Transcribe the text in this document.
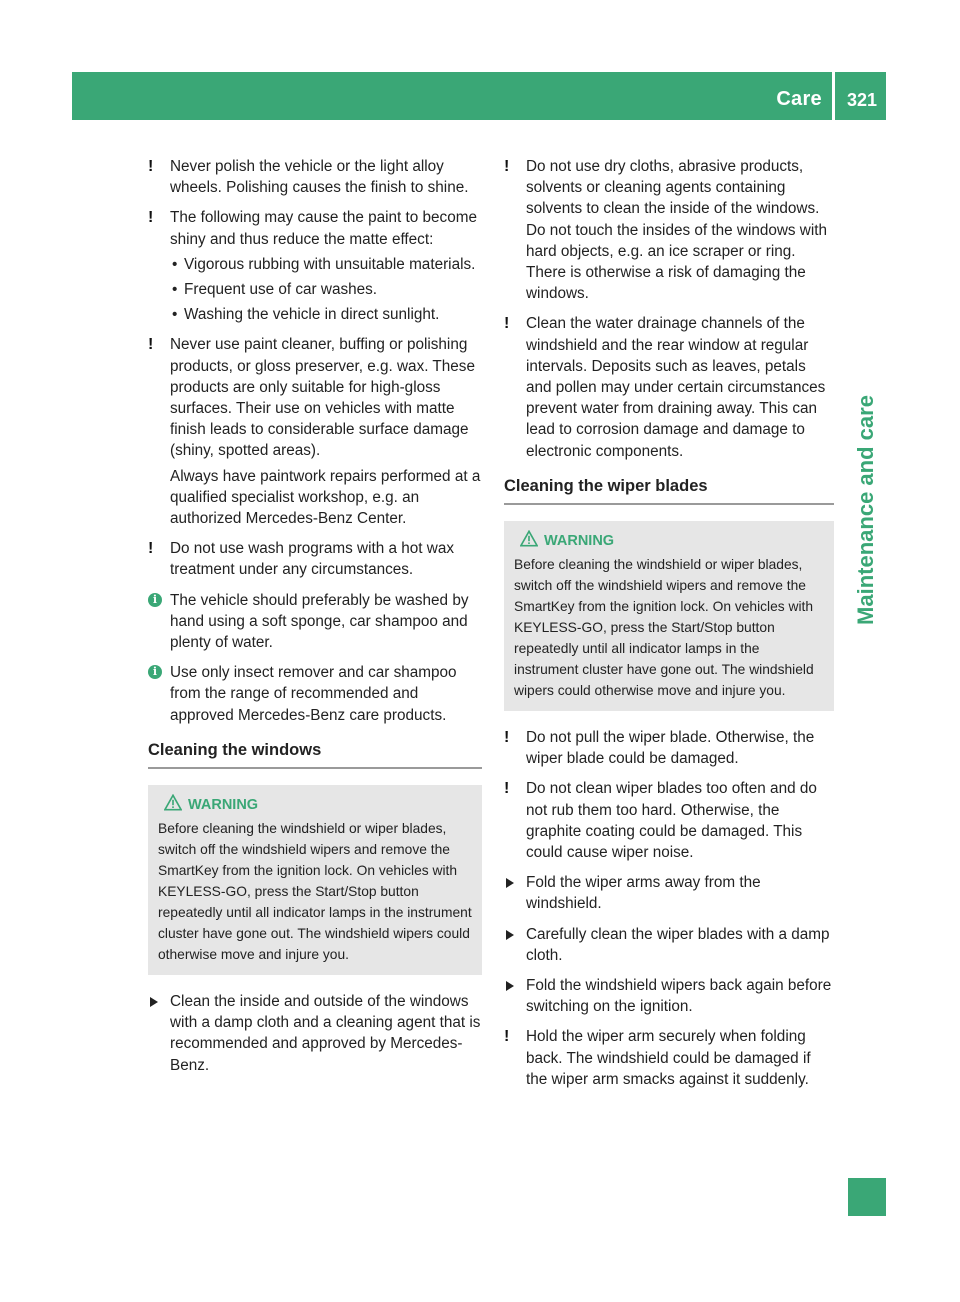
Care	321
Maintenance and care
! Never polish the vehicle or the light alloy wheels. Polishing causes the finish to shine.
! The following may cause the paint to become shiny and thus reduce the matte effect:
• Vigorous rubbing with unsuitable materials.
• Frequent use of car washes.
• Washing the vehicle in direct sunlight.
! Never use paint cleaner, buffing or polishing products, or gloss preserver, e.g. wax. These products are only suitable for high-gloss surfaces. Their use on vehicles with matte finish leads to considerable surface damage (shiny, spotted areas).
Always have paintwork repairs performed at a qualified specialist workshop, e.g. an authorized Mercedes-Benz Center.
! Do not use wash programs with a hot wax treatment under any circumstances.
i The vehicle should preferably be washed by hand using a soft sponge, car shampoo and plenty of water.
i Use only insect remover and car shampoo from the range of recommended and approved Mercedes-Benz care products.
Cleaning the windows
WARNING
Before cleaning the windshield or wiper blades, switch off the windshield wipers and remove the SmartKey from the ignition lock. On vehicles with KEYLESS-GO, press the Start/Stop button repeatedly until all indicator lamps in the instrument cluster have gone out. The windshield wipers could otherwise move and injure you.
Clean the inside and outside of the windows with a damp cloth and a cleaning agent that is recommended and approved by Mercedes-Benz.
! Do not use dry cloths, abrasive products, solvents or cleaning agents containing solvents to clean the inside of the windows. Do not touch the insides of the windows with hard objects, e.g. an ice scraper or ring. There is otherwise a risk of damaging the windows.
! Clean the water drainage channels of the windshield and the rear window at regular intervals. Deposits such as leaves, petals and pollen may under certain circumstances prevent water from draining away. This can lead to corrosion damage and damage to electronic components.
Cleaning the wiper blades
WARNING
Before cleaning the windshield or wiper blades, switch off the windshield wipers and remove the SmartKey from the ignition lock. On vehicles with KEYLESS-GO, press the Start/Stop button repeatedly until all indicator lamps in the instrument cluster have gone out. The windshield wipers could otherwise move and injure you.
! Do not pull the wiper blade. Otherwise, the wiper blade could be damaged.
! Do not clean wiper blades too often and do not rub them too hard. Otherwise, the graphite coating could be damaged. This could cause wiper noise.
Fold the wiper arms away from the windshield.
Carefully clean the wiper blades with a damp cloth.
Fold the windshield wipers back again before switching on the ignition.
! Hold the wiper arm securely when folding back. The windshield could be damaged if the wiper arm smacks against it suddenly.
